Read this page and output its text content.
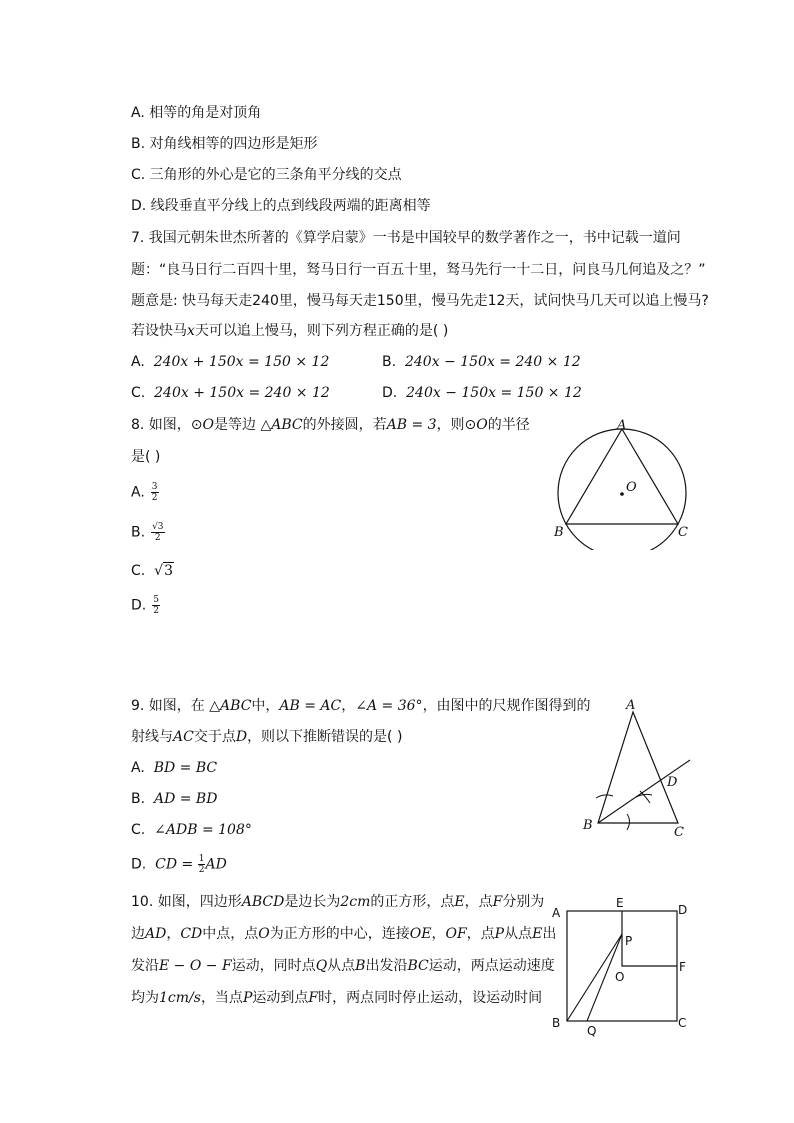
A. 相等的角是对顶角
B. 对角线相等的四边形是矩形
C. 三角形的外心是它的三条角平分线的交点
D. 线段垂直平分线上的点到线段两端的距离相等
7. 我国元朝朱世杰所著的《算学启蒙》一书是中国较早的数学著作之一，书中记载一道问
题：“良马日行二百四十里，驽马日行一百五十里，驽马先行一十二日，问良马几何追及之？”
题意是: 快马每天走240里，慢马每天走150里，慢马先走12天，试问快马几天可以追上慢马?
若设快马x天可以追上慢马，则下列方程正确的是( )
A. 240x + 150x = 150 × 12	B. 240x − 150x = 240 × 12
C. 240x + 150x = 240 × 12	D. 240x − 150x = 150 × 12
8. 如图，⊙O是等边 △ABC的外接圆，若AB = 3，则⊙O的半径
是( )
A. $\frac{3}{2}$
B. $\frac{√3}{2}$
C. √3
D. $\frac{5}{2}$
A
B	C
O
9. 如图，在 △ABC中，AB = AC，∠A = 36°，由图中的尺规作图得到的
射线与AC交于点D，则以下推断错误的是( )
A. BD = BC
B. AD = BD
C. ∠ADB = 108°
D. CD = $\frac{1}{2}$ AD
A
B	C
D
10. 如图，四边形ABCD是边长为2cm的正方形，点E，点F分别为
边AD，CD中点，点O为正方形的中心，连接OE，OF，点P从点E出
发沿E − O − F运动，同时点Q从点B出发沿BC运动，两点运动速度
均为1cm/s，当点P运动到点F时，两点同时停止运动，设运动时间
A
E	D
P
O
F
B
Q
C
